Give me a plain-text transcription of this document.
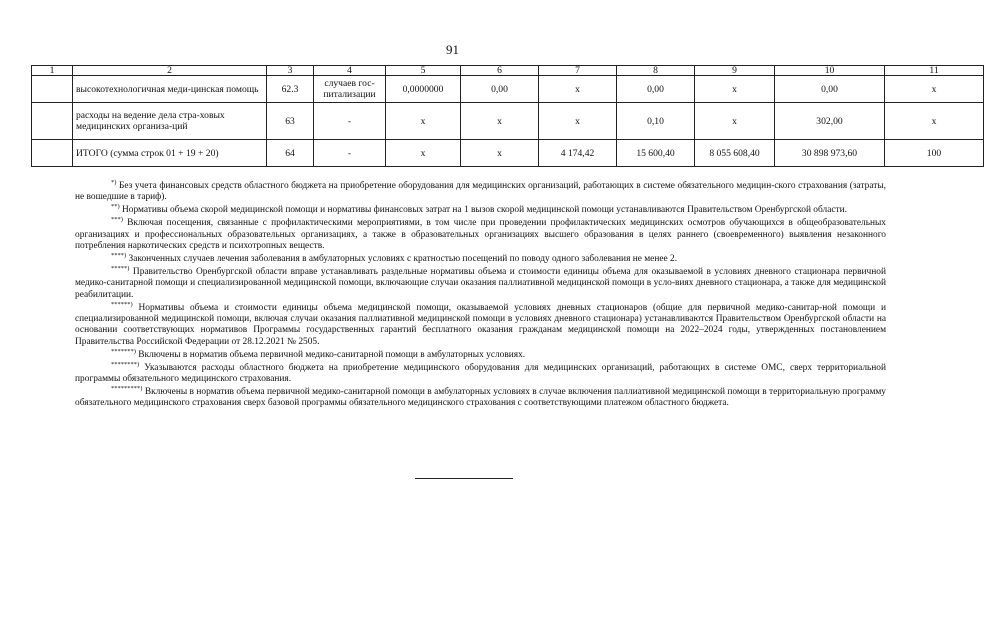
91
1	2	3	4	5	6	7	8	9	10	11
	высокотехнологичная меди-цинская помощь	62.3	случаев гос-питализации	0,0000000	0,00	x	0,00	x	0,00	x
	расходы на ведение дела стра-ховых медицинских организа-ций	63	-	x	x	x	0,10	x	302,00	x
	ИТОГО (сумма строк 01 + 19 + 20)	64	-	x	x	4 174,42	15 600,40	8 055 608,40	30 898 973,60	100

*) Без учета финансовых средств областного бюджета на приобретение оборудования для медицинских организаций, работающих в системе обязательного медицин-ского страхования (затраты, не вошедшие в тариф).

**) Нормативы объема скорой медицинской помощи и нормативы финансовых затрат на 1 вызов скорой медицинской помощи устанавливаются Правительством Оренбургской области.

***) Включая посещения, связанные с профилактическими мероприятиями, в том числе при проведении профилактических медицинских осмотров обучающихся в общеобразовательных организациях и профессиональных образовательных организациях, а также в образовательных организациях высшего образования в целях раннего (своевременного) выявления незаконного потребления наркотических средств и психотропных веществ.

****) Законченных случаев лечения заболевания в амбулаторных условиях с кратностью посещений по поводу одного заболевания не менее 2.

*****) Правительство Оренбургской области вправе устанавливать раздельные нормативы объема и стоимости единицы объема для оказываемой в условиях дневного стационара первичной медико-санитарной помощи и специализированной медицинской помощи, включающие случаи оказания паллиативной медицинской помощи в усло-виях дневного стационара, а также для медицинской реабилитации.

******) Нормативы объема и стоимости единицы объема медицинской помощи, оказываемой условиях дневных стационаров (общие для первичной медико-санитар-ной помощи и специализированной медицинской помощи, включая случаи оказания паллиативной медицинской помощи в условиях дневного стационара) устанавливаются Правительством Оренбургской области на основании соответствующих нормативов Программы государственных гарантий бесплатного оказания гражданам медицинской помощи на 2022–2024 годы, утвержденных постановлением Правительства Российской Федерации от 28.12.2021 № 2505.

*******) Включены в норматив объема первичной медико-санитарной помощи в амбулаторных условиях.

********) Указываются расходы областного бюджета на приобретение медицинского оборудования для медицинских организаций, работающих в системе ОМС, сверх территориальной программы обязательного медицинского страхования.

*********) Включены в норматив объема первичной медико-санитарной помощи в амбулаторных условиях в случае включения паллиативной медицинской помощи в территориальную программу обязательного медицинского страхования сверх базовой программы обязательного медицинского страхования с соответствующими платежом областного бюджета.
